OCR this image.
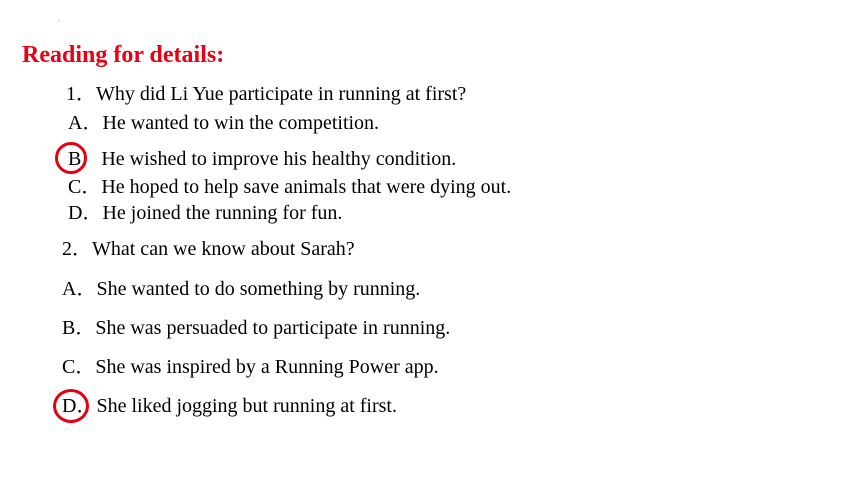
.
Reading for details:
1．Why did Li Yue participate in running at first?
A．He wanted to win the competition.
B．He wished to improve his healthy condition.
C．He hoped to help save animals that were dying out.
D．He joined the running for fun.
2．What can we know about Sarah?
A．She wanted to do something by running.
B．She was persuaded to participate in running.
C．She was inspired by a Running Power app.
D．She liked jogging but running at first.
